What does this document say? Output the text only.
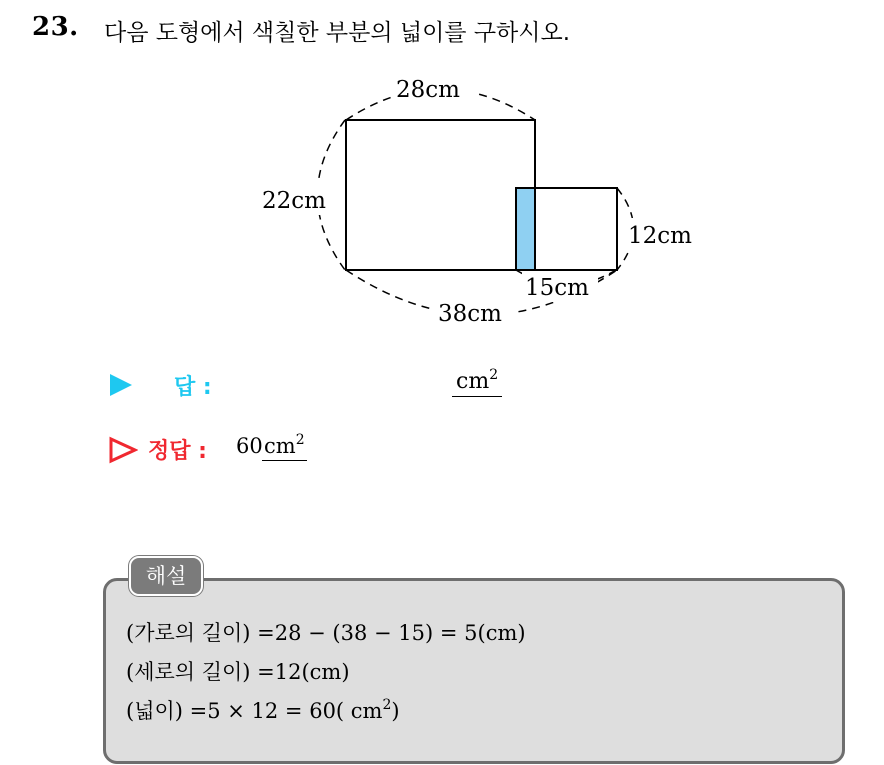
23. 다음 도형에서 색칠한 부분의 넓이를 구하시오.
28cm
22cm
38cm
15cm
12cm
답 :	$cm^2$
정답 : 60 $cm^2$
해설
(가로의 길이) =28 − (38 − 15) = 5(cm)
(세로의 길이) =12(cm)
(넓이) =5 × 12 = 60( $cm^2$)
